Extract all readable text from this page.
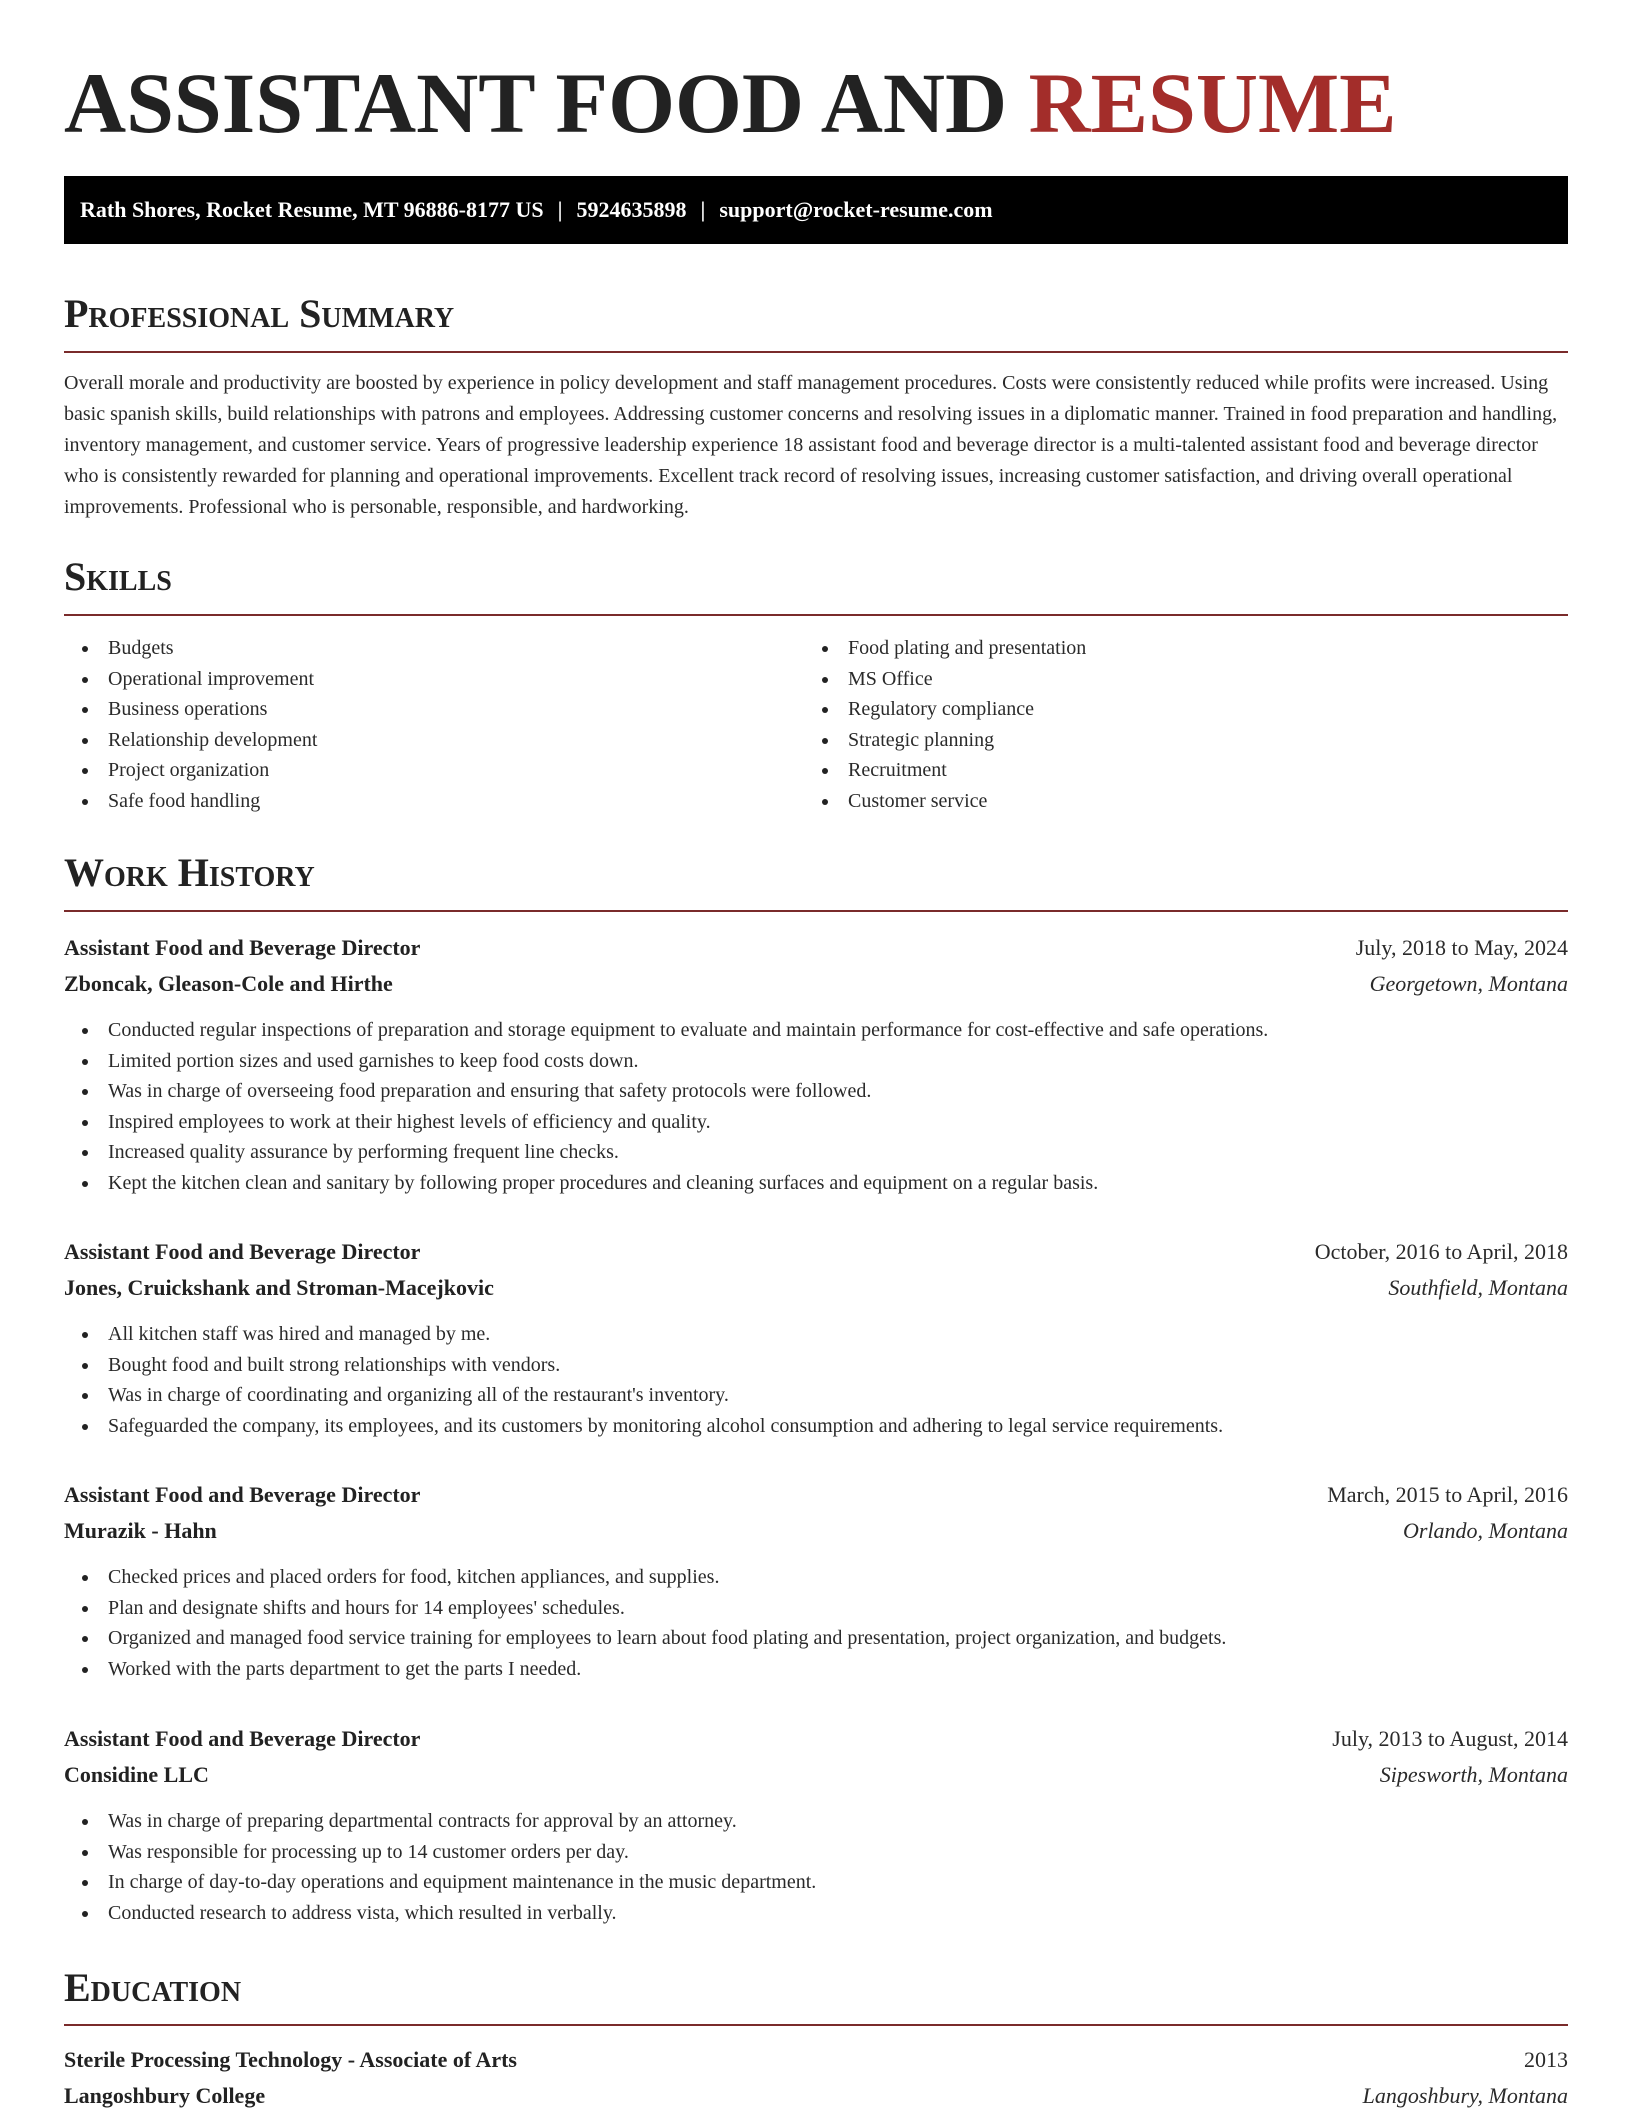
ASSISTANT FOOD AND RESUME
Rath Shores, Rocket Resume, MT 96886-8177 US | 5924635898 | support@rocket-resume.com
Professional Summary

Overall morale and productivity are boosted by experience in policy development and staff management procedures. Costs were consistently reduced while profits were increased. Using basic spanish skills, build relationships with patrons and employees. Addressing customer concerns and resolving issues in a diplomatic manner. Trained in food preparation and handling, inventory management, and customer service. Years of progressive leadership experience 18 assistant food and beverage director is a multi-talented assistant food and beverage director who is consistently rewarded for planning and operational improvements. Excellent track record of resolving issues, increasing customer satisfaction, and driving overall operational improvements. Professional who is personable, responsible, and hardworking.

Skills
Budgets
Operational improvement
Business operations
Relationship development
Project organization
Safe food handling
Food plating and presentation
MS Office
Regulatory compliance
Strategic planning
Recruitment
Customer service
Work History
Assistant Food and Beverage Director	July, 2018 to May, 2024
Zboncak, Gleason-Cole and Hirthe	Georgetown, Montana
Conducted regular inspections of preparation and storage equipment to evaluate and maintain performance for cost-effective and safe operations.
Limited portion sizes and used garnishes to keep food costs down.
Was in charge of overseeing food preparation and ensuring that safety protocols were followed.
Inspired employees to work at their highest levels of efficiency and quality.
Increased quality assurance by performing frequent line checks.
Kept the kitchen clean and sanitary by following proper procedures and cleaning surfaces and equipment on a regular basis.
Assistant Food and Beverage Director	October, 2016 to April, 2018
Jones, Cruickshank and Stroman-Macejkovic	Southfield, Montana
All kitchen staff was hired and managed by me.
Bought food and built strong relationships with vendors.
Was in charge of coordinating and organizing all of the restaurant's inventory.
Safeguarded the company, its employees, and its customers by monitoring alcohol consumption and adhering to legal service requirements.
Assistant Food and Beverage Director	March, 2015 to April, 2016
Murazik - Hahn	Orlando, Montana
Checked prices and placed orders for food, kitchen appliances, and supplies.
Plan and designate shifts and hours for 14 employees' schedules.
Organized and managed food service training for employees to learn about food plating and presentation, project organization, and budgets.
Worked with the parts department to get the parts I needed.
Assistant Food and Beverage Director	July, 2013 to August, 2014
Considine LLC	Sipesworth, Montana
Was in charge of preparing departmental contracts for approval by an attorney.
Was responsible for processing up to 14 customer orders per day.
In charge of day-to-day operations and equipment maintenance in the music department.
Conducted research to address vista, which resulted in verbally.
Education
Sterile Processing Technology - Associate of Arts	2013
Langoshbury College	Langoshbury, Montana
